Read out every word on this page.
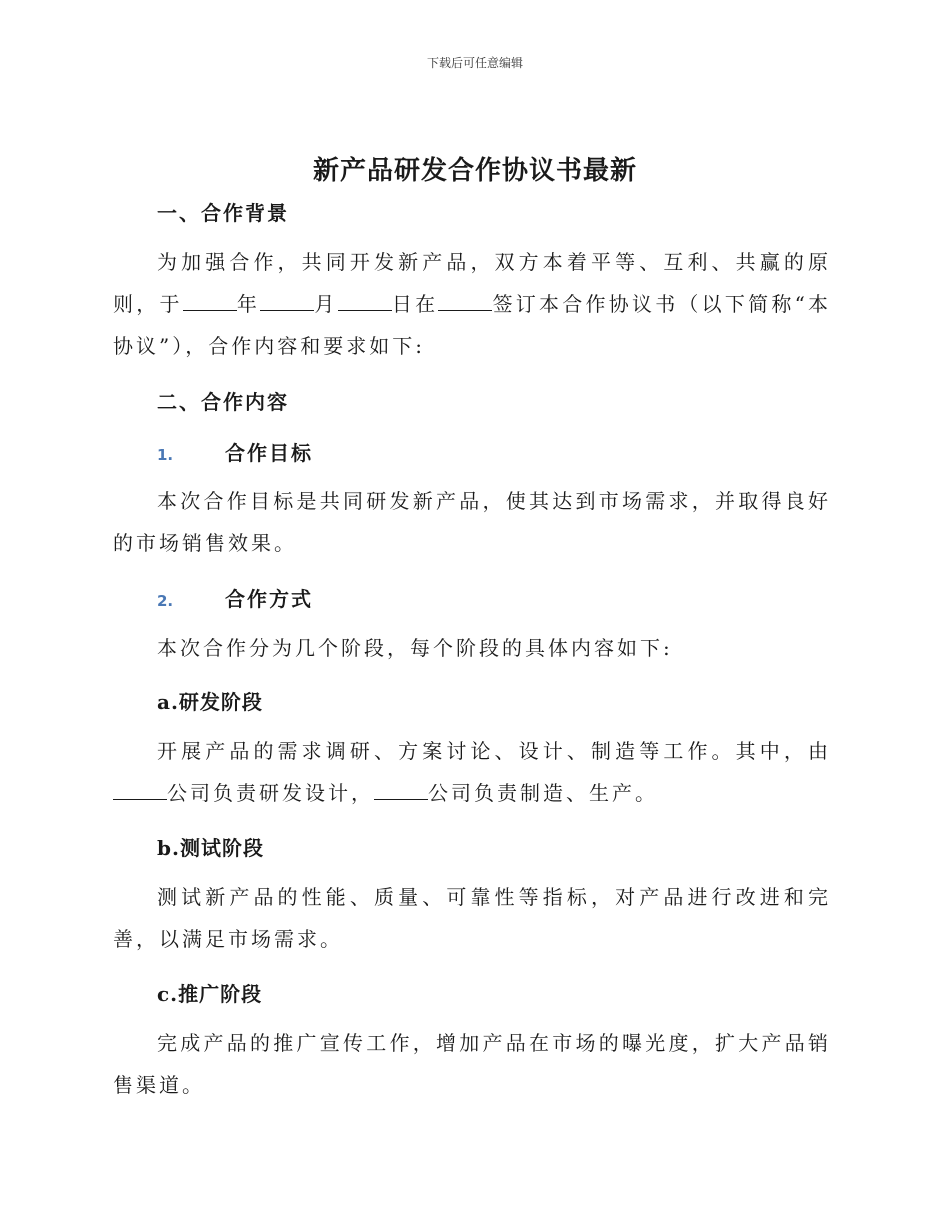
下载后可任意编辑
新产品研发合作协议书最新
一、合作背景
为加强合作，共同开发新产品，双方本着平等、互利、共赢的原则，于	年	月	日在	签订本合作协议书（以下简称“本协议”），合作内容和要求如下:
二、合作内容
1.	合作目标
本次合作目标是共同研发新产品，使其达到市场需求，并取得良好的市场销售效果。
2.	合作方式
本次合作分为几个阶段，每个阶段的具体内容如下:
a.研发阶段
开展产品的需求调研、方案讨论、设计、制造等工作。其中，由公司负责研发设计，	公司负责制造、生产。
b.测试阶段
测试新产品的性能、质量、可靠性等指标，对产品进行改进和完善，以满足市场需求。
c.推广阶段
完成产品的推广宣传工作，增加产品在市场的曝光度，扩大产品销售渠道。
